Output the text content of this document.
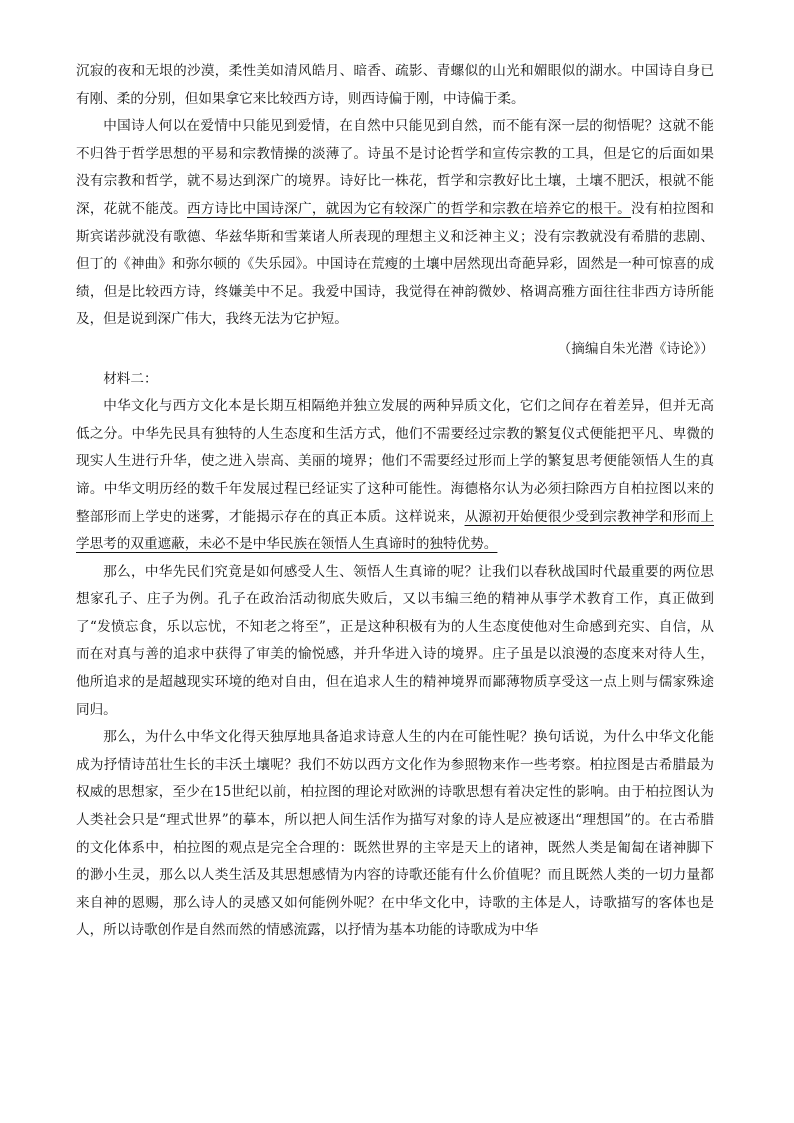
沉寂的夜和无垠的沙漠，柔性美如清风皓月、暗香、疏影、青螺似的山光和媚眼似的湖水。中国诗自身已有刚、柔的分别，但如果拿它来比较西方诗，则西诗偏于刚，中诗偏于柔。

中国诗人何以在爱情中只能见到爱情，在自然中只能见到自然，而不能有深一层的彻悟呢？这就不能不归咎于哲学思想的平易和宗教情操的淡薄了。诗虽不是讨论哲学和宣传宗教的工具，但是它的后面如果没有宗教和哲学，就不易达到深广的境界。诗好比一株花，哲学和宗教好比土壤，土壤不肥沃，根就不能深，花就不能茂。西方诗比中国诗深广，就因为它有较深广的哲学和宗教在培养它的根干。没有柏拉图和斯宾诺莎就没有歌德、华兹华斯和雪莱诸人所表现的理想主义和泛神主义；没有宗教就没有希腊的悲剧、但丁的《神曲》和弥尔顿的《失乐园》。中国诗在荒瘦的土壤中居然现出奇葩异彩，固然是一种可惊喜的成绩，但是比较西方诗，终嫌美中不足。我爱中国诗，我觉得在神韵微妙、格调高雅方面往往非西方诗所能及，但是说到深广伟大，我终无法为它护短。

（摘编自朱光潜《诗论》）

材料二：

中华文化与西方文化本是长期互相隔绝并独立发展的两种异质文化，它们之间存在着差异，但并无高低之分。中华先民具有独特的人生态度和生活方式，他们不需要经过宗教的繁复仪式便能把平凡、卑微的现实人生进行升华，使之进入崇高、美丽的境界；他们不需要经过形而上学的繁复思考便能领悟人生的真谛。中华文明历经的数千年发展过程已经证实了这种可能性。海德格尔认为必须扫除西方自柏拉图以来的整部形而上学史的迷雾，才能揭示存在的真正本质。这样说来，从源初开始便很少受到宗教神学和形而上学思考的双重遮蔽，未必不是中华民族在领悟人生真谛时的独特优势。

那么，中华先民们究竟是如何感受人生、领悟人生真谛的呢？让我们以春秋战国时代最重要的两位思想家孔子、庄子为例。孔子在政治活动彻底失败后，又以韦编三绝的精神从事学术教育工作，真正做到了“发愤忘食，乐以忘忧，不知老之将至”，正是这种积极有为的人生态度使他对生命感到充实、自信，从而在对真与善的追求中获得了审美的愉悦感，并升华进入诗的境界。庄子虽是以浪漫的态度来对待人生，他所追求的是超越现实环境的绝对自由，但在追求人生的精神境界而鄙薄物质享受这一点上则与儒家殊途同归。

那么，为什么中华文化得天独厚地具备追求诗意人生的内在可能性呢？换句话说，为什么中华文化能成为抒情诗茁壮生长的丰沃土壤呢？我们不妨以西方文化作为参照物来作一些考察。柏拉图是古希腊最为权威的思想家，至少在15世纪以前，柏拉图的理论对欧洲的诗歌思想有着决定性的影响。由于柏拉图认为人类社会只是“理式世界”的摹本，所以把人间生活作为描写对象的诗人是应被逐出“理想国”的。在古希腊的文化体系中，柏拉图的观点是完全合理的：既然世界的主宰是天上的诸神，既然人类是匍匐在诸神脚下的渺小生灵，那么以人类生活及其思想感情为内容的诗歌还能有什么价值呢？而且既然人类的一切力量都来自神的恩赐，那么诗人的灵感又如何能例外呢？在中华文化中，诗歌的主体是人，诗歌描写的客体也是人，所以诗歌创作是自然而然的情感流露，以抒情为基本功能的诗歌成为中华
